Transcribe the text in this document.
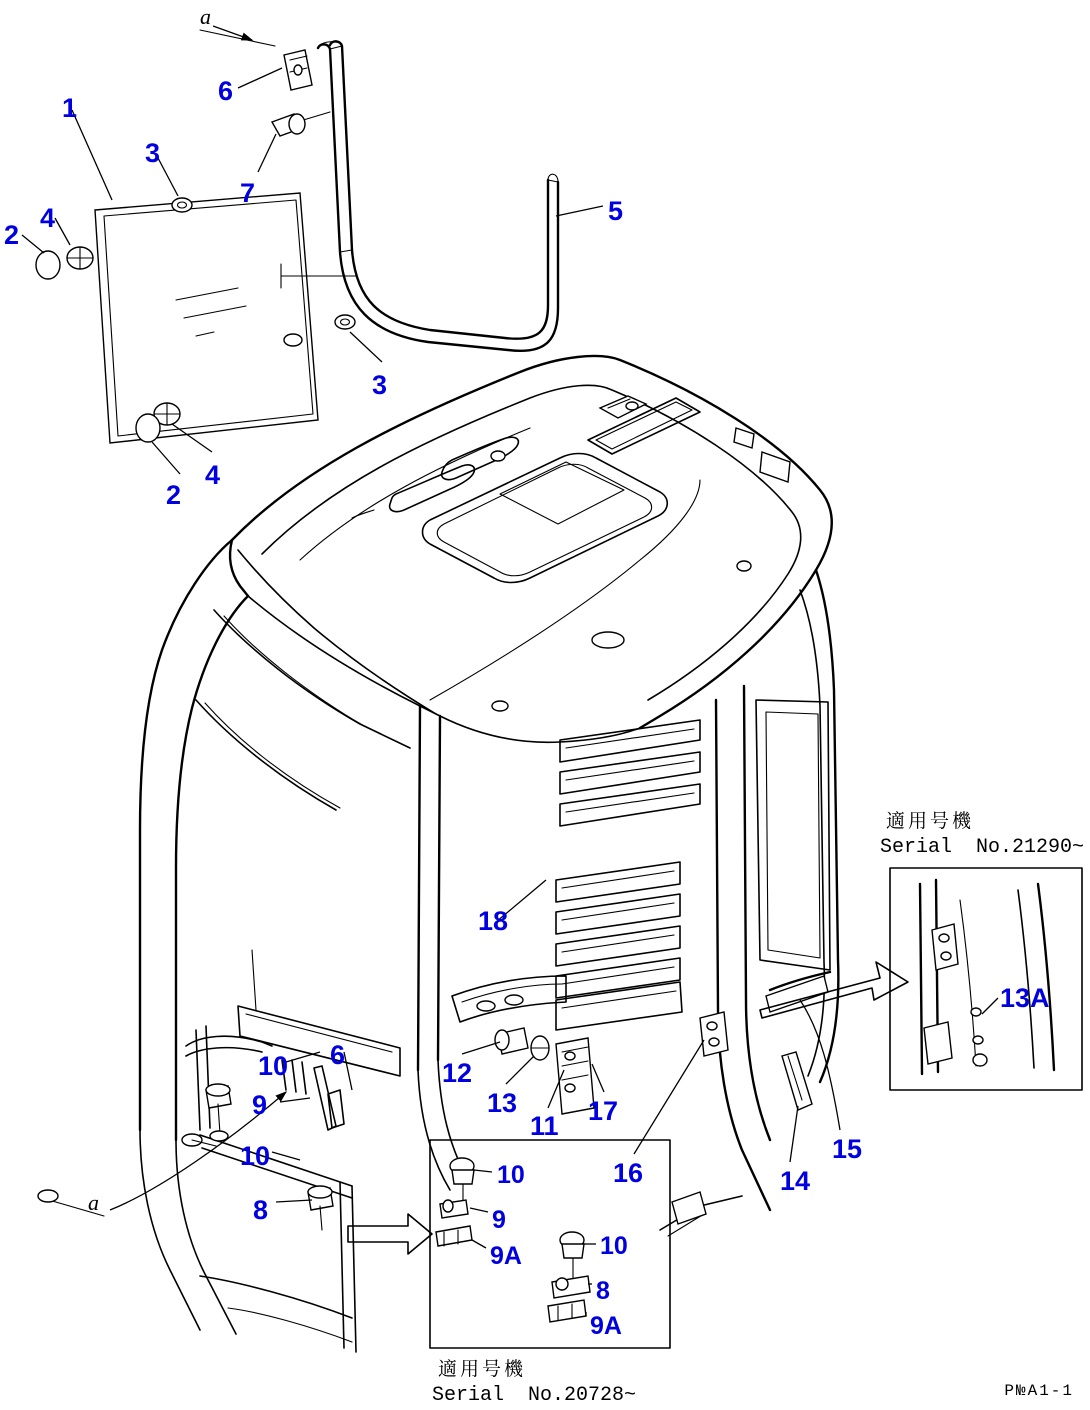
a
a
1
4
2
3
6
7
5
3
4
2
18
10 6
9
10
8
12
13
11 17
16	14
15
13A
10
9
9A	10
8
9A
適用号機
Serial  No.21290~
適用号機
Serial  No.20728~	P№A1-1
